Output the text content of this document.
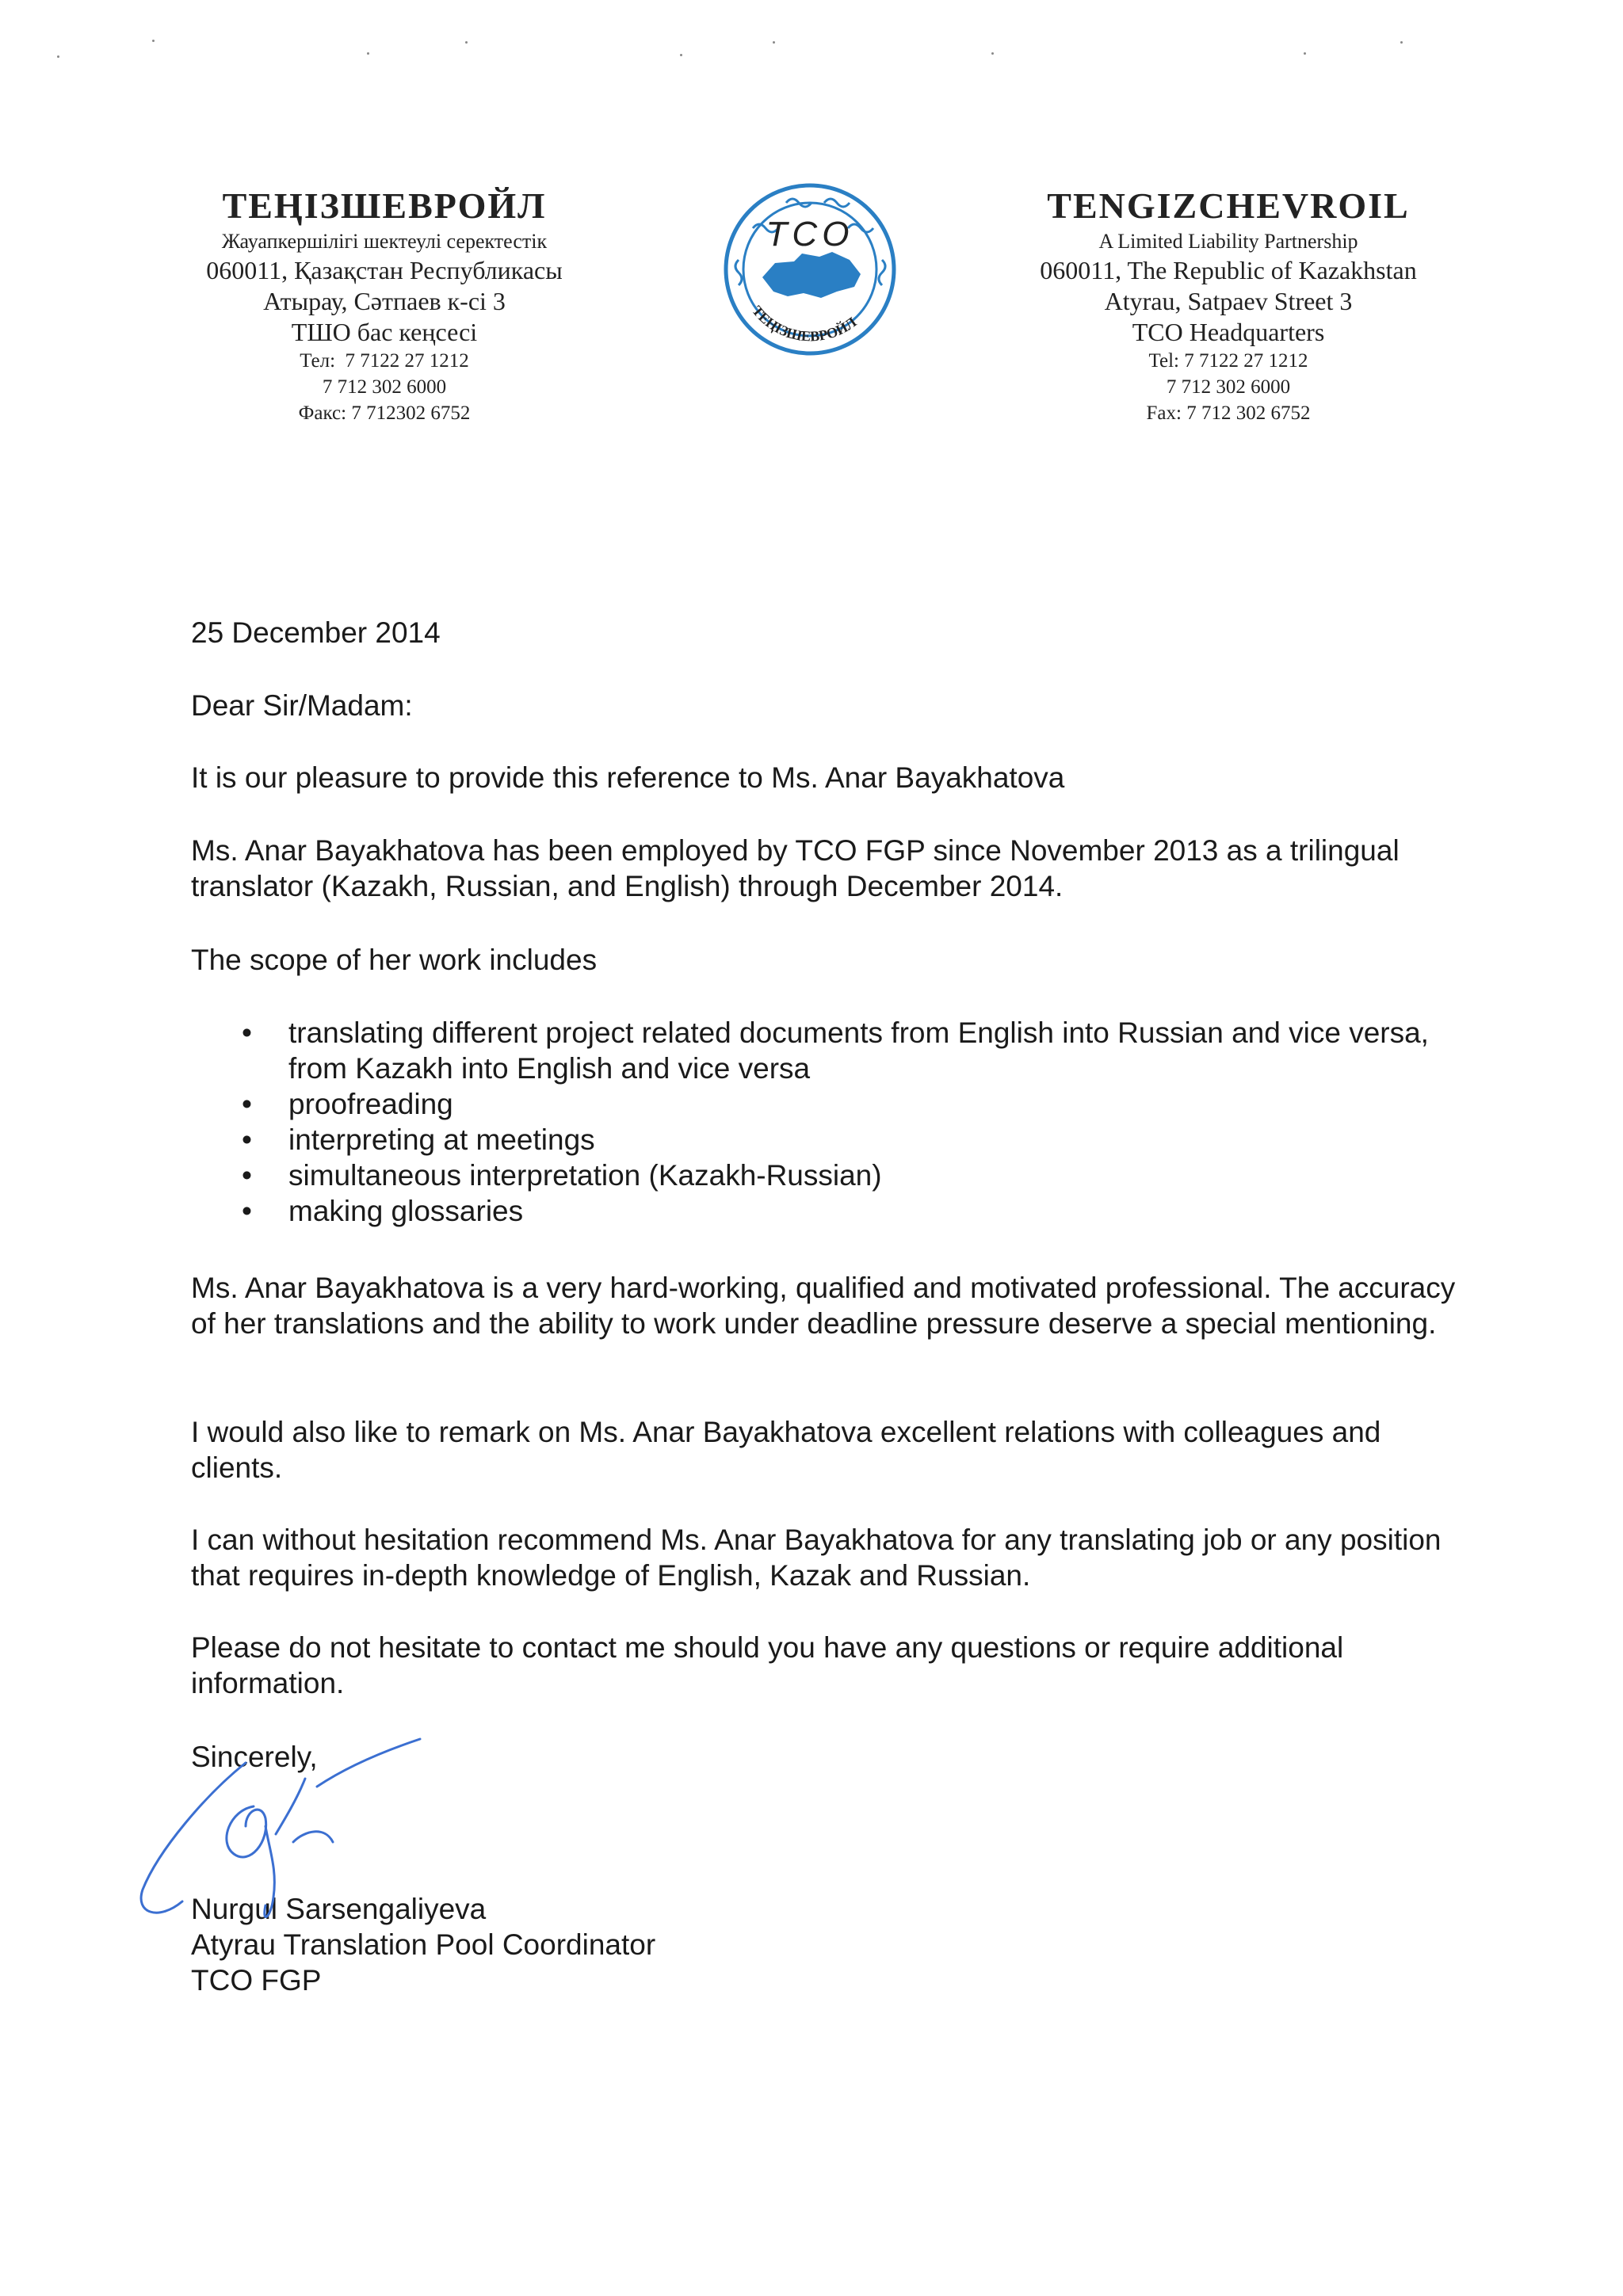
ТЕҢІЗШЕВРОЙЛ
Жауапкершілігі шектеулі серектестік
060011, Қазақстан Республикасы
Атырау, Сәтпаев к-сі 3
ТШО бас кеңсесі
Тел: 7 7122 27 1212
7 712 302 6000
Факс: 7 712302 6752
TCO
ТЕҢІЗШЕВРОЙЛ
TENGIZCHEVROIL
A Limited Liability Partnership
060011, The Republic of Kazakhstan
Atyrau, Satpaev Street 3
TCO Headquarters
Tel: 7 7122 27 1212
7 712 302 6000
Fax: 7 712 302 6752

25 December 2014

Dear Sir/Madam:

It is our pleasure to provide this reference to Ms. Anar Bayakhatova

Ms. Anar Bayakhatova has been employed by TCO FGP since November 2013 as a trilingual translator (Kazakh, Russian, and English) through December 2014.

The scope of her work includes

• translating different project related documents from English into Russian and vice versa, from Kazakh into English and vice versa
• proofreading
• interpreting at meetings
• simultaneous interpretation (Kazakh-Russian)
• making glossaries

Ms. Anar Bayakhatova is a very hard-working, qualified and motivated professional. The accuracy of her translations and the ability to work under deadline pressure deserve a special mentioning.

I would also like to remark on Ms. Anar Bayakhatova excellent relations with colleagues and clients.

I can without hesitation recommend Ms. Anar Bayakhatova for any translating job or any position that requires in-depth knowledge of English, Kazak and Russian.

Please do not hesitate to contact me should you have any questions or require additional information.

Sincerely,

Nurgul Sarsengaliyeva

Atyrau Translation Pool Coordinator

TCO FGP
